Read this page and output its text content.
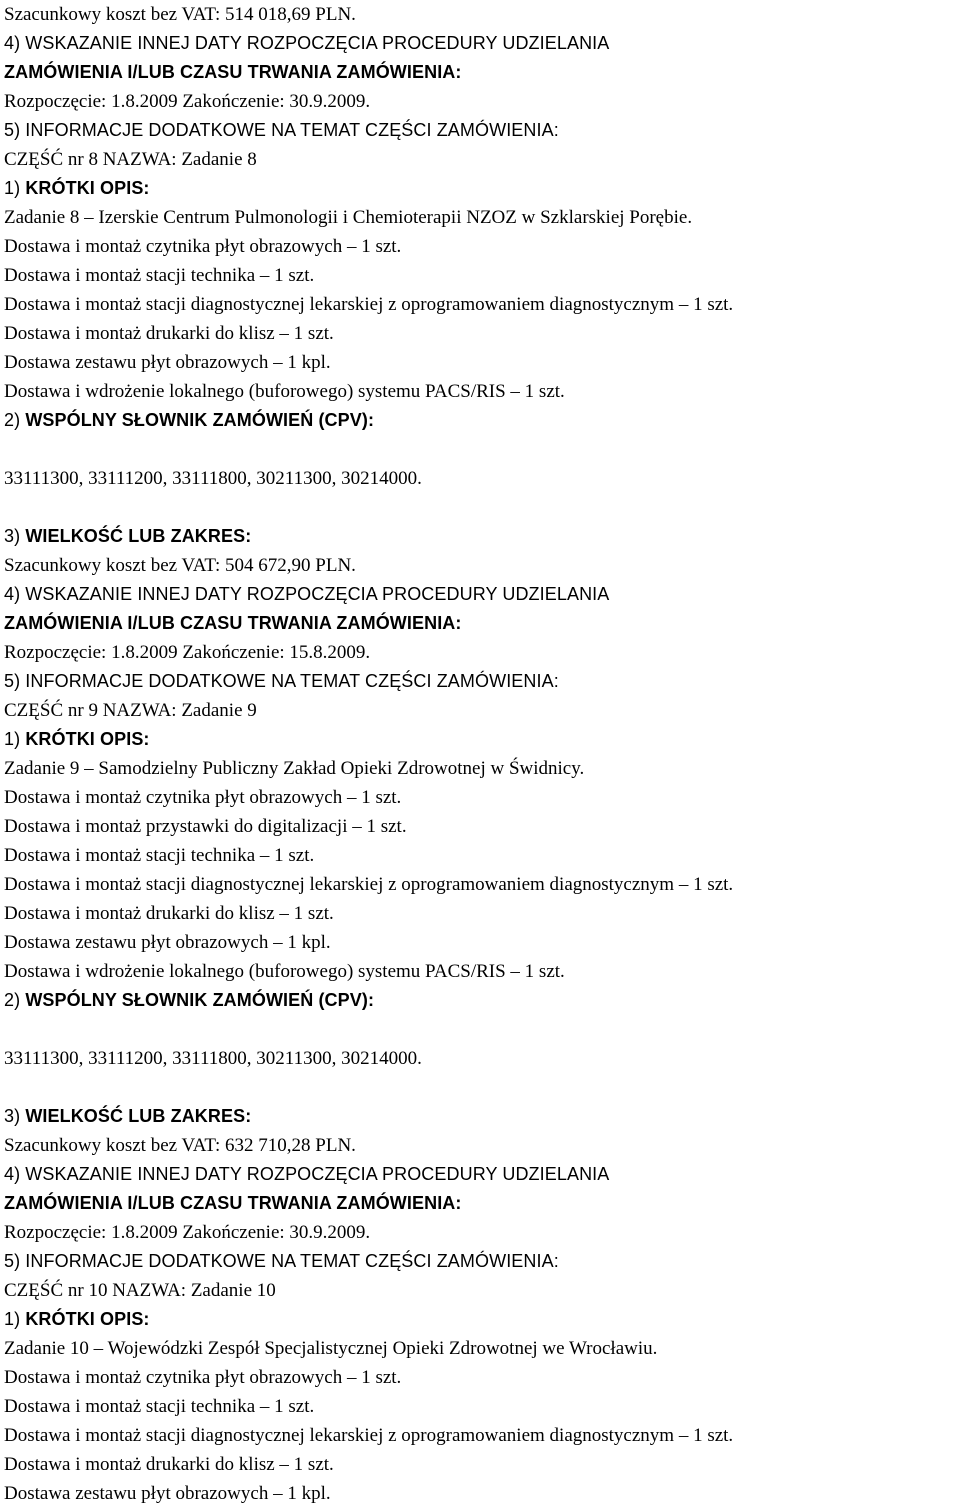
Szacunkowy koszt bez VAT: 514 018,69 PLN.
4) WSKAZANIE INNEJ DATY ROZPOCZĘCIA PROCEDURY UDZIELANIA
ZAMÓWIENIA I/LUB CZASU TRWANIA ZAMÓWIENIA:
Rozpoczęcie: 1.8.2009 Zakończenie: 30.9.2009.
5) INFORMACJE DODATKOWE NA TEMAT CZĘŚCI ZAMÓWIENIA:
CZĘŚĆ nr 8 NAZWA: Zadanie 8
1) KRÓTKI OPIS:
Zadanie 8 – Izerskie Centrum Pulmonologii i Chemioterapii NZOZ w Szklarskiej Porębie.
Dostawa i montaż czytnika płyt obrazowych – 1 szt.
Dostawa i montaż stacji technika – 1 szt.
Dostawa i montaż stacji diagnostycznej lekarskiej z oprogramowaniem diagnostycznym – 1 szt.
Dostawa i montaż drukarki do klisz – 1 szt.
Dostawa zestawu płyt obrazowych – 1 kpl.
Dostawa i wdrożenie lokalnego (buforowego) systemu PACS/RIS – 1 szt.
2) WSPÓLNY SŁOWNIK ZAMÓWIEŃ (CPV):
33111300, 33111200, 33111800, 30211300, 30214000.
3) WIELKOŚĆ LUB ZAKRES:
Szacunkowy koszt bez VAT: 504 672,90 PLN.
4) WSKAZANIE INNEJ DATY ROZPOCZĘCIA PROCEDURY UDZIELANIA
ZAMÓWIENIA I/LUB CZASU TRWANIA ZAMÓWIENIA:
Rozpoczęcie: 1.8.2009 Zakończenie: 15.8.2009.
5) INFORMACJE DODATKOWE NA TEMAT CZĘŚCI ZAMÓWIENIA:
CZĘŚĆ nr 9 NAZWA: Zadanie 9
1) KRÓTKI OPIS:
Zadanie 9 – Samodzielny Publiczny Zakład Opieki Zdrowotnej w Świdnicy.
Dostawa i montaż czytnika płyt obrazowych – 1 szt.
Dostawa i montaż przystawki do digitalizacji – 1 szt.
Dostawa i montaż stacji technika – 1 szt.
Dostawa i montaż stacji diagnostycznej lekarskiej z oprogramowaniem diagnostycznym – 1 szt.
Dostawa i montaż drukarki do klisz – 1 szt.
Dostawa zestawu płyt obrazowych – 1 kpl.
Dostawa i wdrożenie lokalnego (buforowego) systemu PACS/RIS – 1 szt.
2) WSPÓLNY SŁOWNIK ZAMÓWIEŃ (CPV):
33111300, 33111200, 33111800, 30211300, 30214000.
3) WIELKOŚĆ LUB ZAKRES:
Szacunkowy koszt bez VAT: 632 710,28 PLN.
4) WSKAZANIE INNEJ DATY ROZPOCZĘCIA PROCEDURY UDZIELANIA
ZAMÓWIENIA I/LUB CZASU TRWANIA ZAMÓWIENIA:
Rozpoczęcie: 1.8.2009 Zakończenie: 30.9.2009.
5) INFORMACJE DODATKOWE NA TEMAT CZĘŚCI ZAMÓWIENIA:
CZĘŚĆ nr 10 NAZWA: Zadanie 10
1) KRÓTKI OPIS:
Zadanie 10 – Wojewódzki Zespół Specjalistycznej Opieki Zdrowotnej we Wrocławiu.
Dostawa i montaż czytnika płyt obrazowych – 1 szt.
Dostawa i montaż stacji technika – 1 szt.
Dostawa i montaż stacji diagnostycznej lekarskiej z oprogramowaniem diagnostycznym – 1 szt.
Dostawa i montaż drukarki do klisz – 1 szt.
Dostawa zestawu płyt obrazowych – 1 kpl.
